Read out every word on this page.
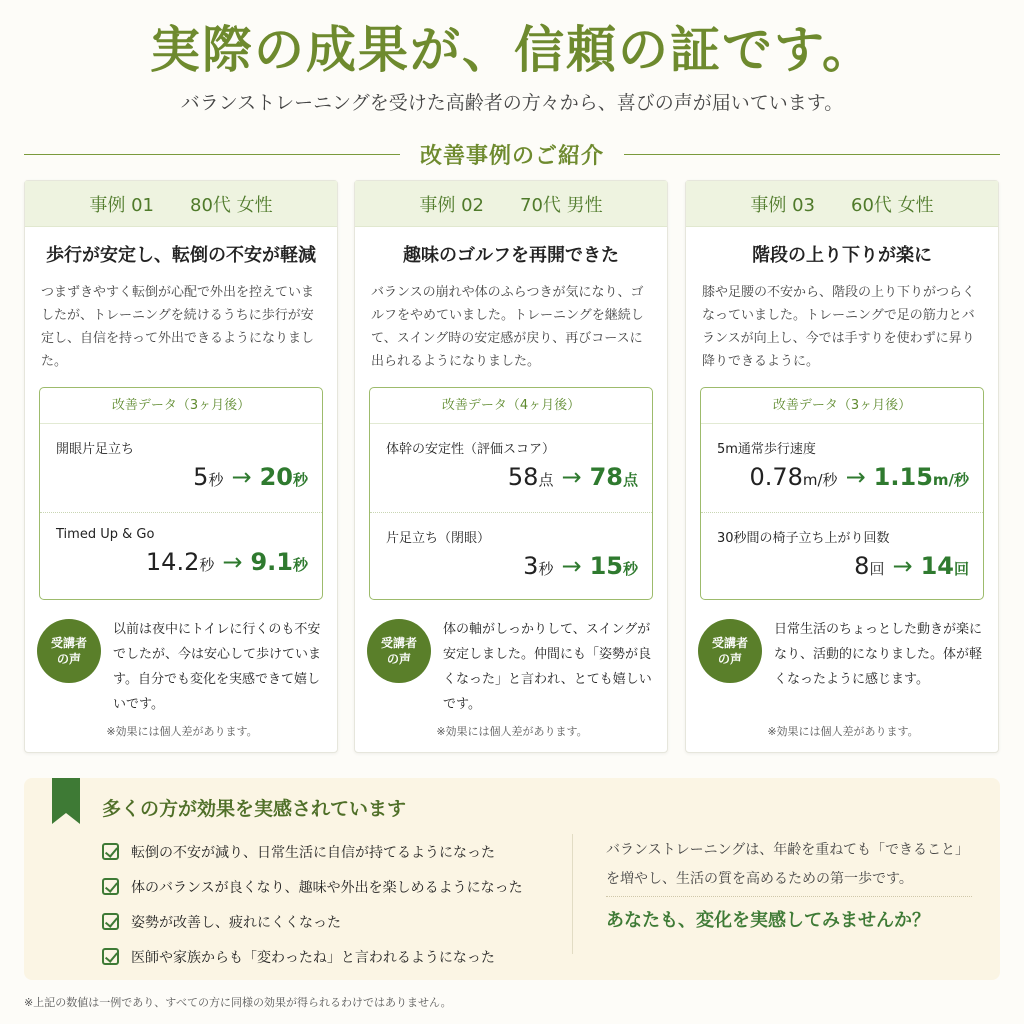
実際の成果が、信頼の証です。
バランストレーニングを受けた高齢者の方々から、喜びの声が届いています。
改善事例のご紹介
事例 01 80代 女性
歩行が安定し、転倒の不安が軽減
つまずきやすく転倒が心配で外出を控えていましたが、トレーニングを続けるうちに歩行が安定し、自信を持って外出できるようになりました。
改善データ（3ヶ月後）
開眼片足立ち
5秒 → 20秒
Timed Up & Go
14.2秒 → 9.1秒
受講者
の声
以前は夜中にトイレに行くのも不安でしたが、今は安心して歩けています。自分でも変化を実感できて嬉しいです。
※効果には個人差があります。
事例 02 70代 男性
趣味のゴルフを再開できた
バランスの崩れや体のふらつきが気になり、ゴルフをやめていました。トレーニングを継続して、スイング時の安定感が戻り、再びコースに出られるようになりました。
改善データ（4ヶ月後）
体幹の安定性（評価スコア）
58点 → 78点
片足立ち（閉眼）
3秒 → 15秒
受講者
の声
体の軸がしっかりして、スイングが安定しました。仲間にも「姿勢が良くなった」と言われ、とても嬉しいです。
※効果には個人差があります。
事例 03 60代 女性
階段の上り下りが楽に
膝や足腰の不安から、階段の上り下りがつらくなっていました。トレーニングで足の筋力とバランスが向上し、今では手すりを使わずに昇り降りできるように。
改善データ（3ヶ月後）
5m通常歩行速度
0.78m/秒 → 1.15m/秒
30秒間の椅子立ち上がり回数
8回 → 14回
受講者
の声
日常生活のちょっとした動きが楽になり、活動的になりました。体が軽くなったように感じます。
※効果には個人差があります。
多くの方が効果を実感されています
転倒の不安が減り、日常生活に自信が持てるようになった
体のバランスが良くなり、趣味や外出を楽しめるようになった
姿勢が改善し、疲れにくくなった
医師や家族からも「変わったね」と言われるようになった
バランストレーニングは、年齢を重ねても「できること」を増やし、生活の質を高めるための第一歩です。
あなたも、変化を実感してみませんか？
※上記の数値は一例であり、すべての方に同様の効果が得られるわけではありません。
